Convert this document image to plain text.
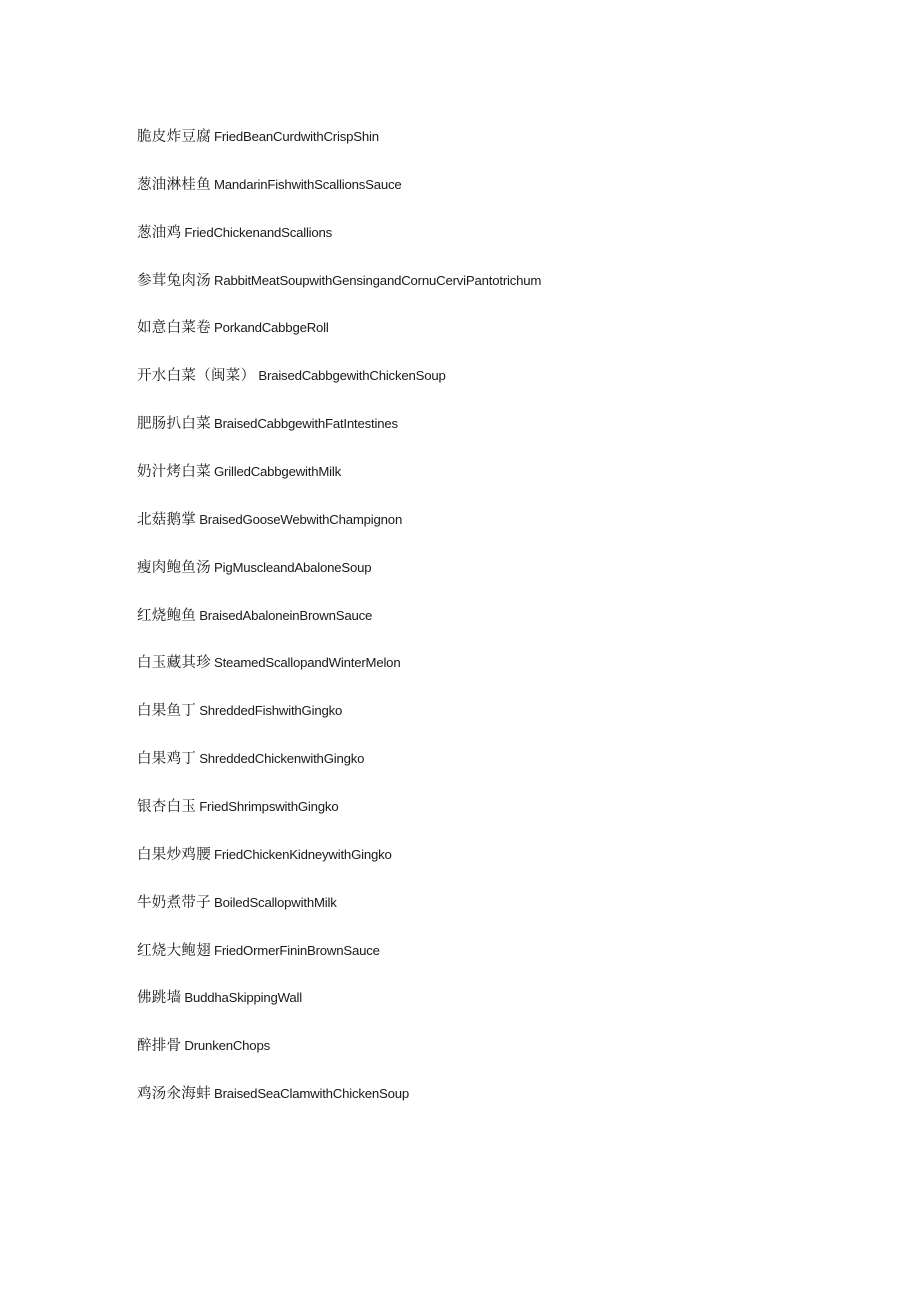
脆皮炸豆腐 FriedBeanCurdwithCrispShin
葱油淋桂鱼 MandarinFishwithScallionsSauce
葱油鸡 FriedChickenandScallions
参茸兔肉汤 RabbitMeatSoupwithGensingandCornuCerviPantotrichum
如意白菜卷 PorkandCabbgeRoll
开水白菜（闽菜） BraisedCabbgewithChickenSoup
肥肠扒白菜 BraisedCabbgewithFatIntestines
奶汁烤白菜 GrilledCabbgewithMilk
北菇鹅掌 BraisedGooseWebwithChampignon
瘦肉鲍鱼汤 PigMuscleandAbaloneSoup
红烧鲍鱼 BraisedAbaloneinBrownSauce
白玉藏其珍 SteamedScallopandWinterMelon
白果鱼丁 ShreddedFishwithGingko
白果鸡丁 ShreddedChickenwithGingko
银杏白玉 FriedShrimpswithGingko
白果炒鸡腰 FriedChickenKidneywithGingko
牛奶煮带子 BoiledScallopwithMilk
红烧大鲍翅 FriedOrmerFininBrownSauce
佛跳墙 BuddhaSkippingWall
醉排骨 DrunkenChops
鸡汤氽海蚌 BraisedSeaClamwithChickenSoup
